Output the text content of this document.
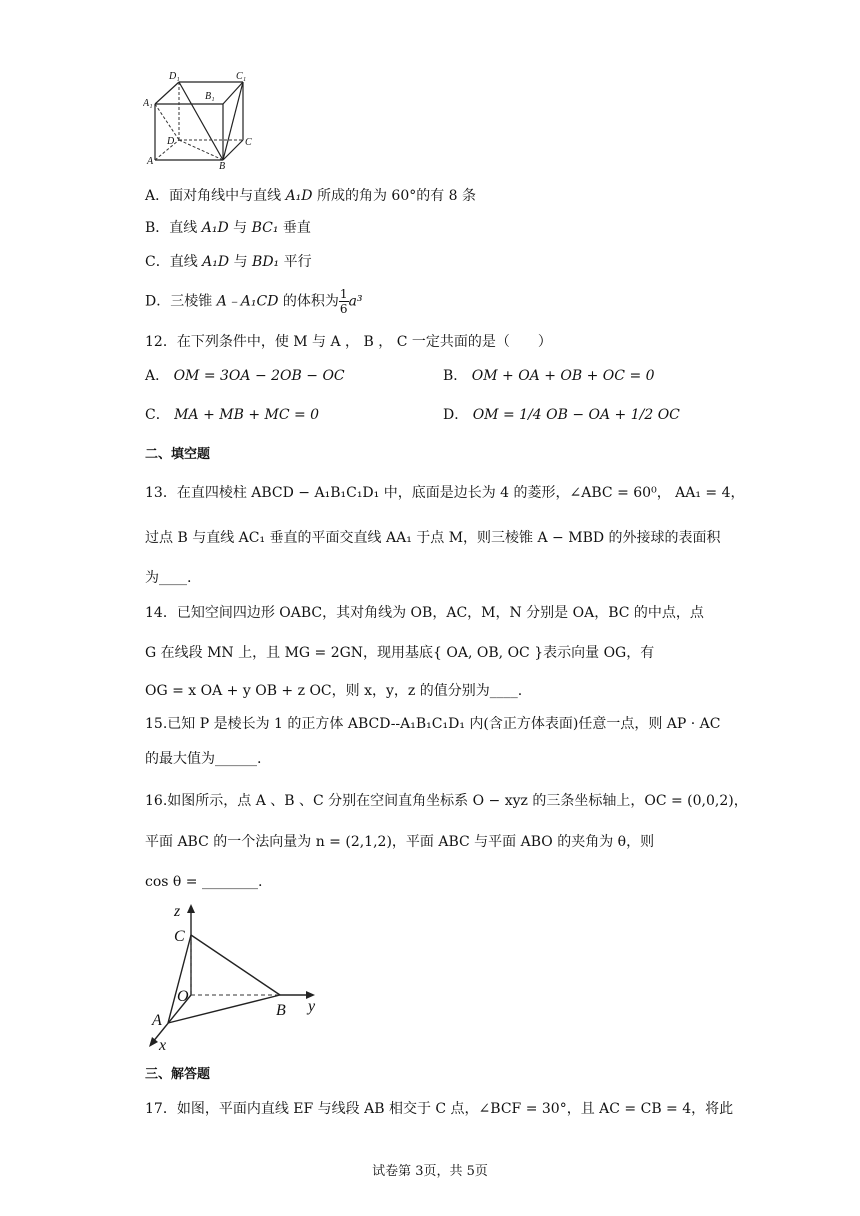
D₁	C₁
A₁
B₁
D	C
A	B
A．面对角线中与直线 A₁D 所成的角为 60°的有 8 条
B．直线 A₁D 与 BC₁ 垂直
C．直线 A₁D 与 BD₁ 平行
D．三棱锥 A﹣A₁CD 的体积为 $\frac{1}{6} a^3$
12．在下列条件中，使 M 与 A ， B ， C 一定共面的是（　　）
A． OM = 3OA − 2OB − OC	B． OM + OA + OB + OC = 0
C． MA + MB + MC = 0	D． OM = 1/4 OB − OA + 1/2 OC
二、填空题
13．在直四棱柱 ABCD − A₁B₁C₁D₁ 中，底面是边长为 4 的菱形，∠ABC = 60⁰， AA₁ = 4，
过点 B 与直线 AC₁ 垂直的平面交直线 AA₁ 于点 M，则三棱锥 A − MBD 的外接球的表面积
为____.
14．已知空间四边形 OABC，其对角线为 OB，AC，M，N 分别是 OA，BC 的中点，点
G 在线段 MN 上，且 MG = 2GN，现用基底{ OA, OB, OC }表示向量 OG，有
OG = x OA + y OB + z OC，则 x，y，z 的值分别为____.
15.已知 P 是棱长为 1 的正方体 ABCD--A₁B₁C₁D₁ 内(含正方体表面)任意一点，则 AP · AC
的最大值为______.
16.如图所示，点 A 、B 、C 分别在空间直角坐标系 O − xyz 的三条坐标轴上，OC = (0,0,2)，
平面 ABC 的一个法向量为 n = (2,1,2)，平面 ABC 与平面 ABO 的夹角为 θ，则
cos θ = ________.
z
C
O
B y
A
x
三、解答题
17．如图，平面内直线 EF 与线段 AB 相交于 C 点，∠BCF = 30°，且 AC = CB = 4，将此
试卷第 3页，共 5页
